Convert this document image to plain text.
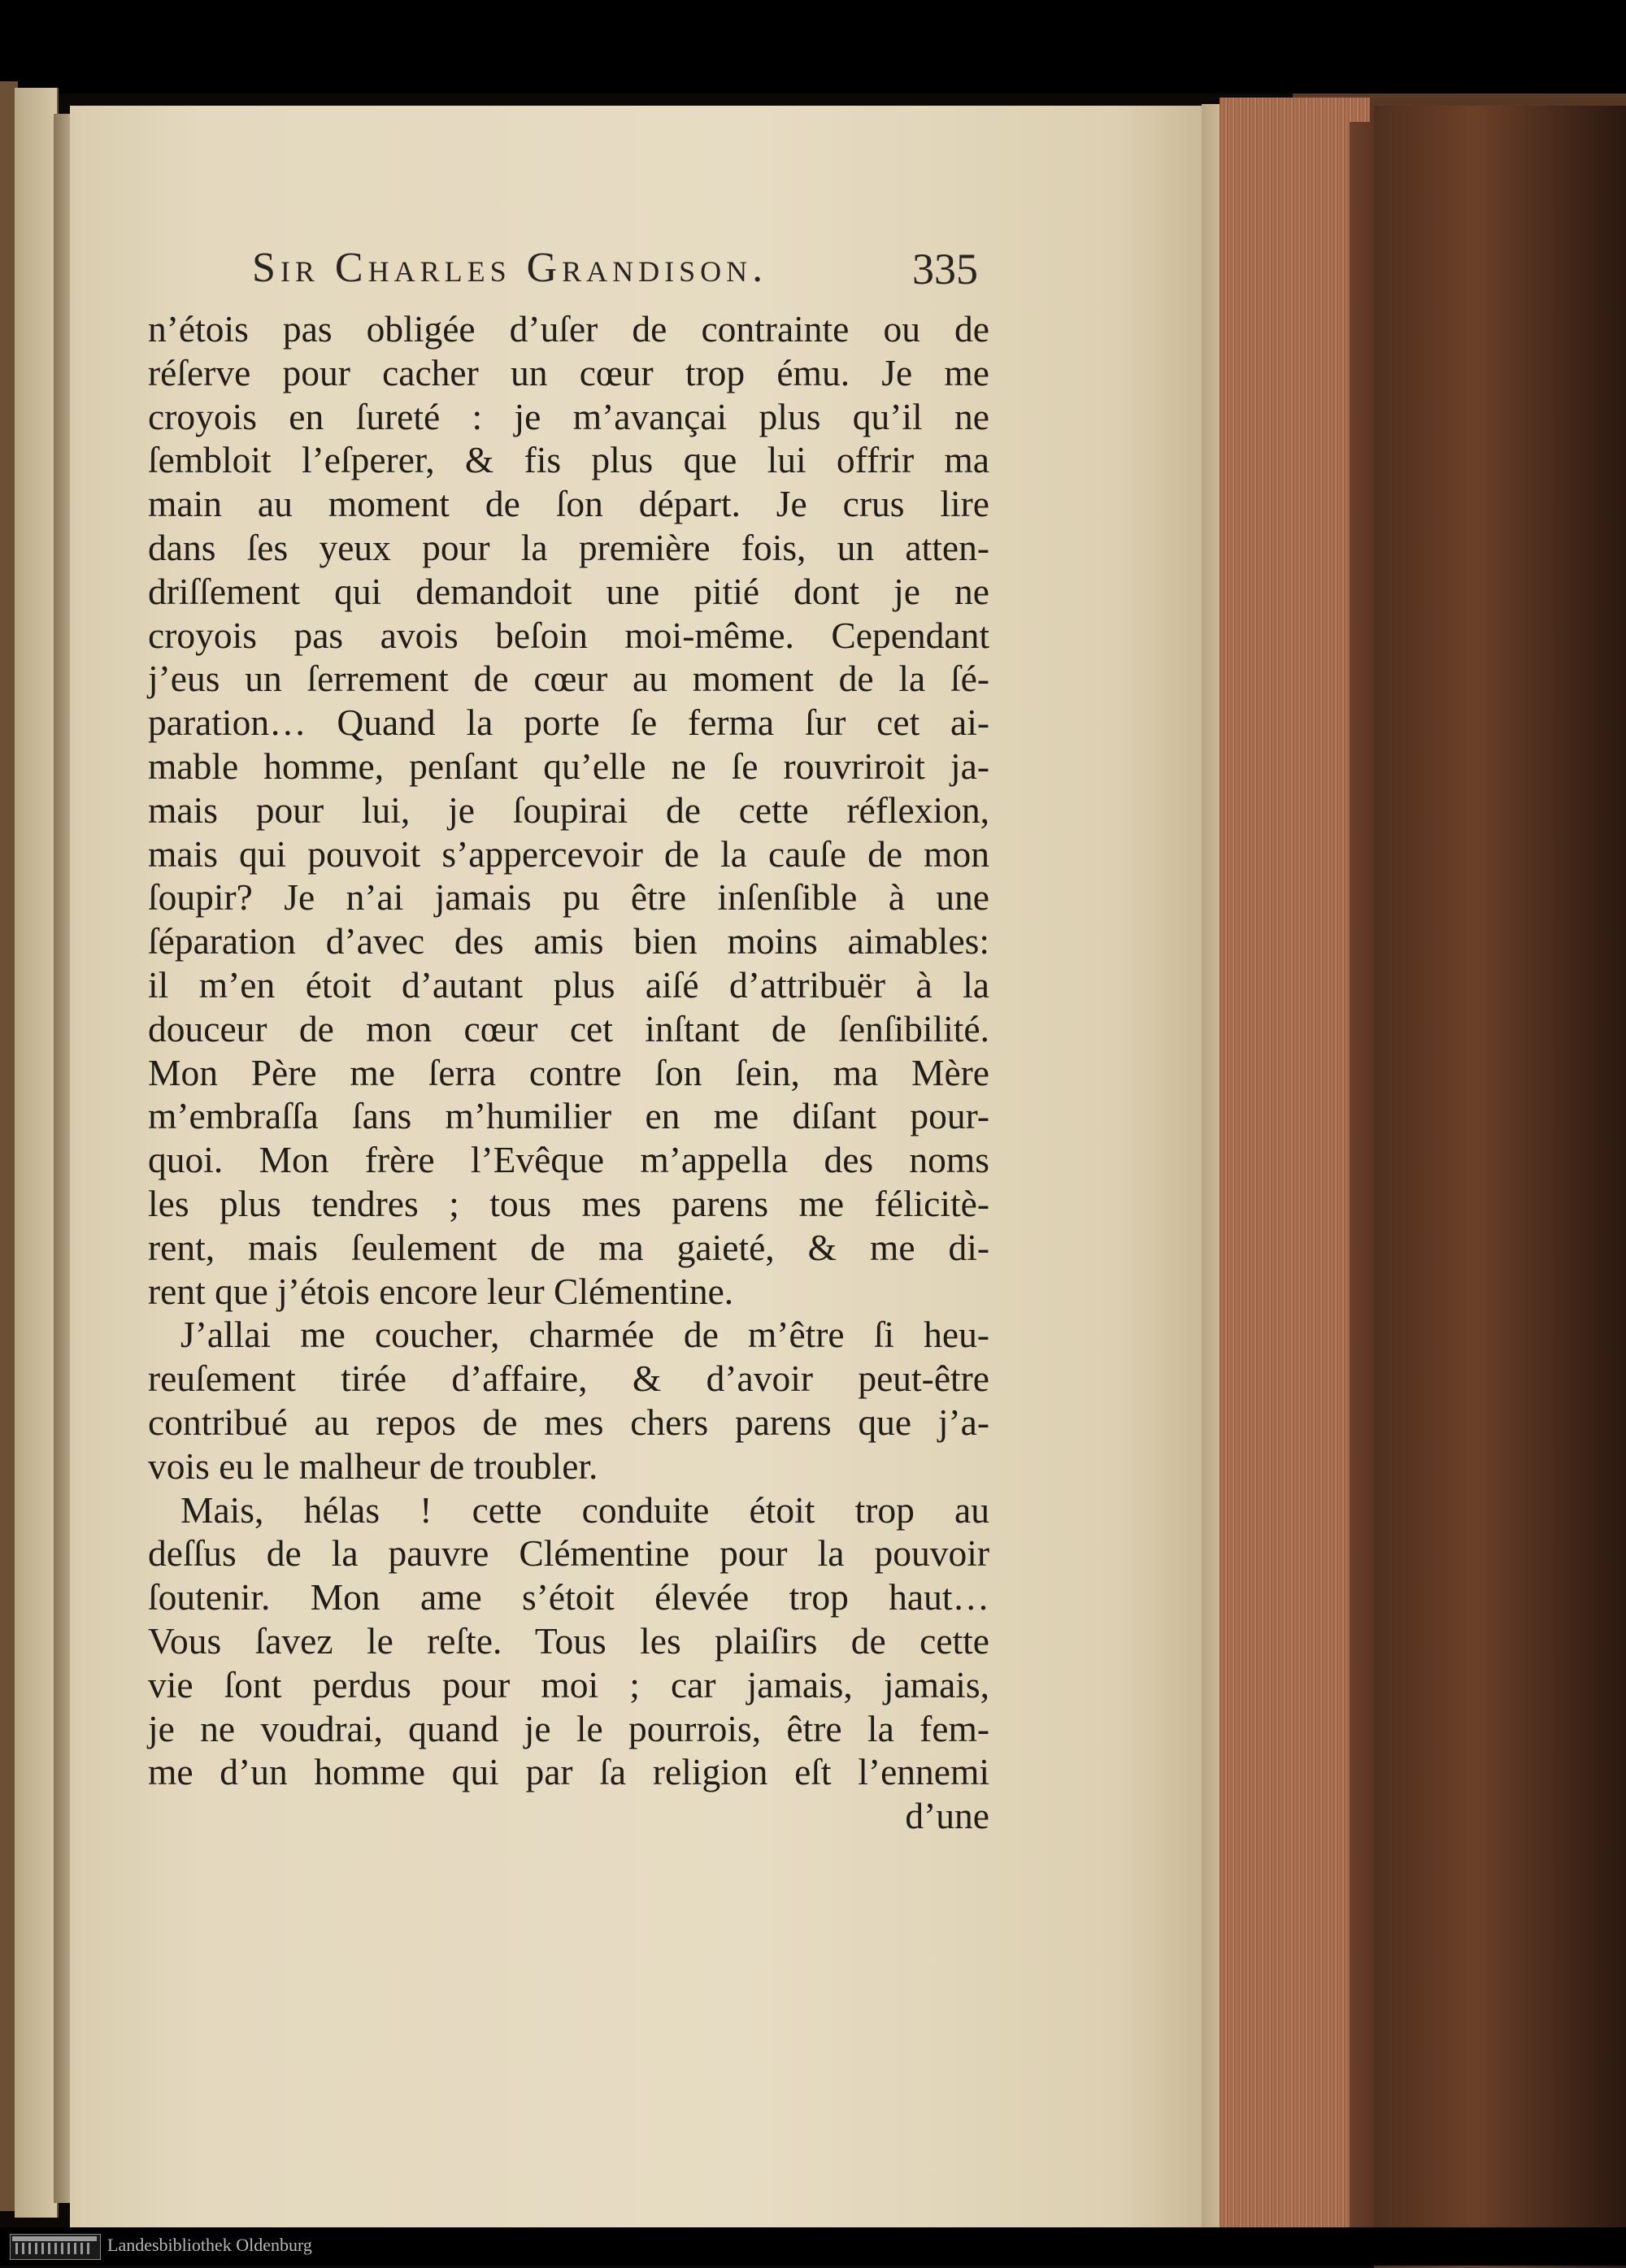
Sir Charles Grandison.	335
n’étois pas obligée d’uſer de contrainte ou de
réſerve pour cacher un cœur trop ému. Je me
croyois en ſureté : je m’avançai plus qu’il ne
ſembloit l’eſperer, & fis plus que lui offrir ma
main au moment de ſon départ. Je crus lire
dans ſes yeux pour la première fois, un atten-
driſſement qui demandoit une pitié dont je ne
croyois pas avois beſoin moi-même. Cependant
j’eus un ſerrement de cœur au moment de la ſé-
paration… Quand la porte ſe ferma ſur cet ai-
mable homme, penſant qu’elle ne ſe rouvriroit ja-
mais pour lui, je ſoupirai de cette réflexion,
mais qui pouvoit s’appercevoir de la cauſe de mon
ſoupir? Je n’ai jamais pu être inſenſible à une
ſéparation d’avec des amis bien moins aimables:
il m’en étoit d’autant plus aiſé d’attribuër à la
douceur de mon cœur cet inſtant de ſenſibilité.
Mon Père me ſerra contre ſon ſein, ma Mère
m’embraſſa ſans m’humilier en me diſant pour-
quoi. Mon frère l’Evêque m’appella des noms
les plus tendres ; tous mes parens me félicitè-
rent, mais ſeulement de ma gaieté, & me di-
rent que j’étois encore leur Clémentine.
J’allai me coucher, charmée de m’être ſi heu-
reuſement tirée d’affaire, & d’avoir peut-être
contribué au repos de mes chers parens que j’a-
vois eu le malheur de troubler.
Mais, hélas ! cette conduite étoit trop au
deſſus de la pauvre Clémentine pour la pouvoir
ſoutenir. Mon ame s’étoit élevée trop haut…
Vous ſavez le reſte. Tous les plaiſirs de cette
vie ſont perdus pour moi ; car jamais, jamais,
je ne voudrai, quand je le pourrois, être la fem-
me d’un homme qui par ſa religion eſt l’ennemi
d’une
Landesbibliothek Oldenburg
